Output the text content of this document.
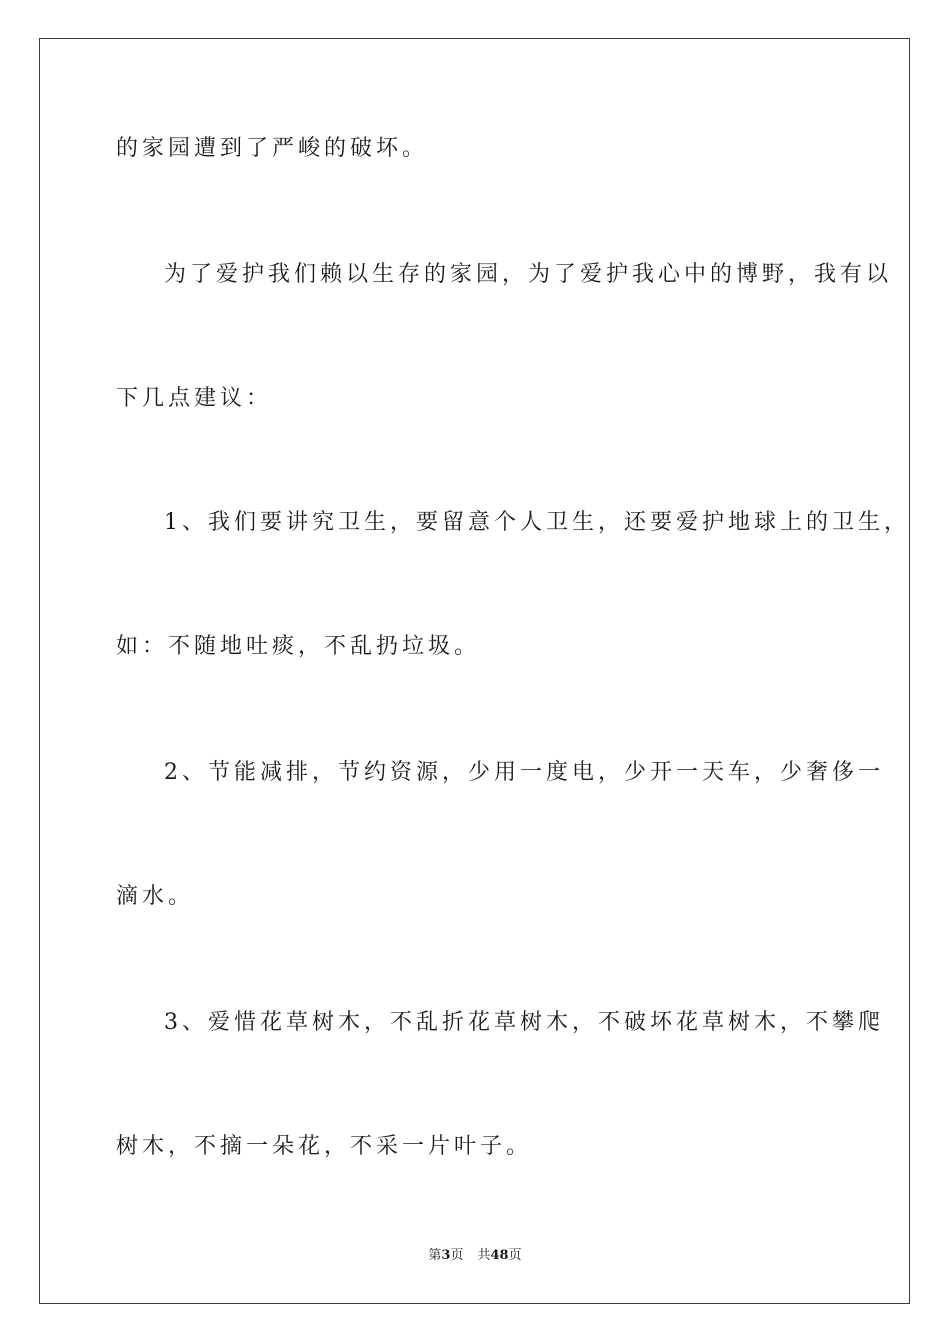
的家园遭到了严峻的破坏。
为了爱护我们赖以生存的家园，为了爱护我心中的博野，我有以
下几点建议：
1、我们要讲究卫生，要留意个人卫生，还要爱护地球上的卫生，
如：不随地吐痰，不乱扔垃圾。
2、节能减排，节约资源，少用一度电，少开一天车，少奢侈一
滴水。
3、爱惜花草树木，不乱折花草树木，不破坏花草树木，不攀爬
树木，不摘一朵花，不采一片叶子。
第3页 共48页
